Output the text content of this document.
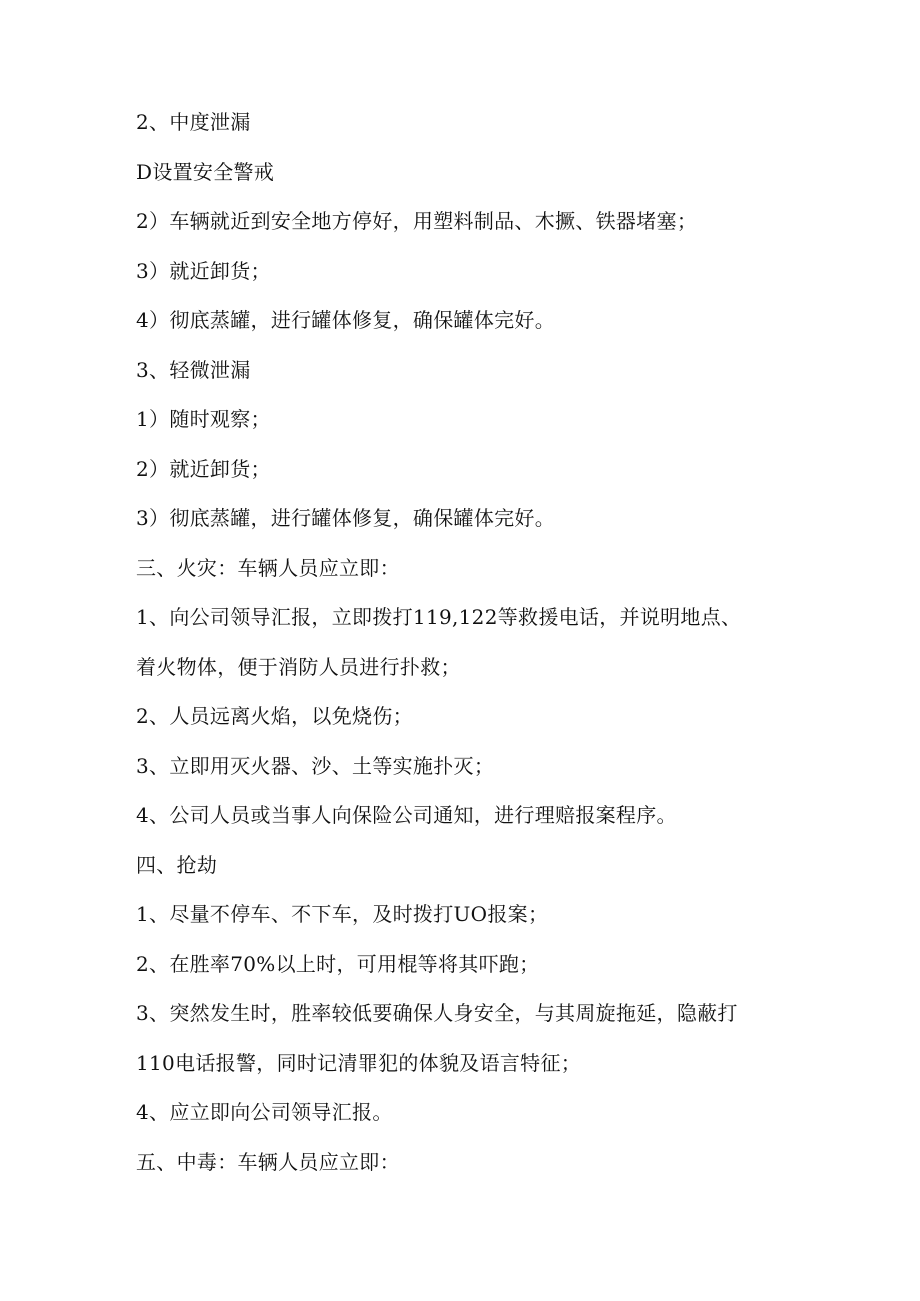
2、中度泄漏
D设置安全警戒
2）车辆就近到安全地方停好，用塑料制品、木撅、铁器堵塞；
3）就近卸货；
4）彻底蒸罐，进行罐体修复，确保罐体完好。
3、轻微泄漏
1）随时观察；
2）就近卸货；
3）彻底蒸罐，进行罐体修复，确保罐体完好。
三、火灾：车辆人员应立即：
1、向公司领导汇报，立即拨打119,122等救援电话，并说明地点、
着火物体，便于消防人员进行扑救；
2、人员远离火焰，以免烧伤；
3、立即用灭火器、沙、土等实施扑灭；
4、公司人员或当事人向保险公司通知，进行理赔报案程序。
四、抢劫
1、尽量不停车、不下车，及时拨打UO报案；
2、在胜率70%以上时，可用棍等将其吓跑；
3、突然发生时，胜率较低要确保人身安全，与其周旋拖延，隐蔽打
110电话报警，同时记清罪犯的体貌及语言特征；
4、应立即向公司领导汇报。
五、中毒：车辆人员应立即：
